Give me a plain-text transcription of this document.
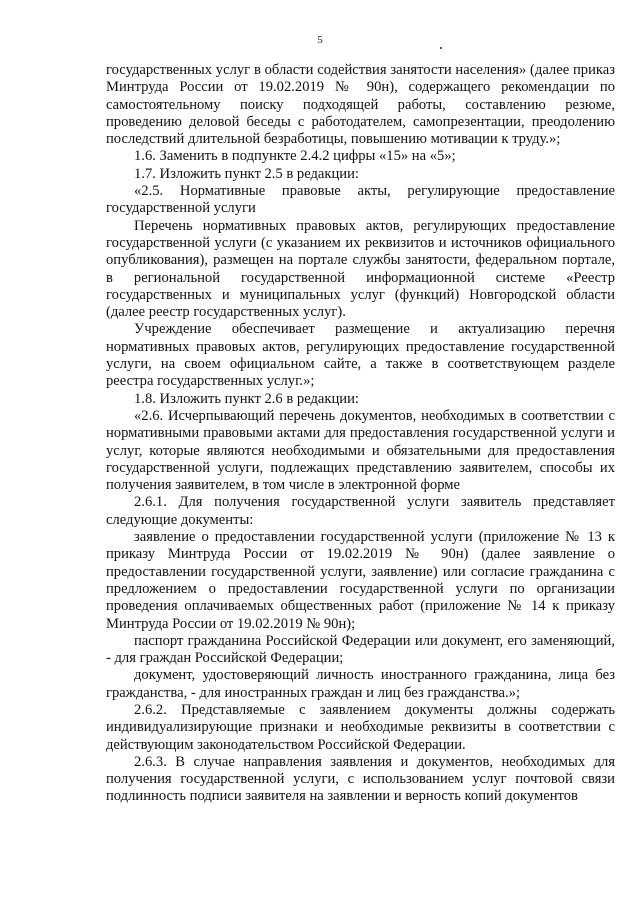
5

государственных услуг в области содействия занятости населения» (далее приказ Минтруда России от 19.02.2019 № 90н), содержащего рекомендации по самостоятельному поиску подходящей работы, составлению резюме, проведению деловой беседы с работодателем, самопрезентации, преодолению последствий длительной безработицы, повышению мотивации к труду.»;

1.6. Заменить в подпункте 2.4.2 цифры «15» на «5»;

1.7. Изложить пункт 2.5 в редакции:

«2.5. Нормативные правовые акты, регулирующие предоставление государственной услуги

Перечень нормативных правовых актов, регулирующих предоставление государственной услуги (с указанием их реквизитов и источников официального опубликования), размещен на портале службы занятости, федеральном портале, в региональной государственной информационной системе «Реестр государственных и муниципальных услуг (функций) Новгородской области (далее реестр государственных услуг).

Учреждение обеспечивает размещение и актуализацию перечня нормативных правовых актов, регулирующих предоставление государственной услуги, на своем официальном сайте, а также в соответствующем разделе реестра государственных услуг.»;

1.8. Изложить пункт 2.6 в редакции:

«2.6. Исчерпывающий перечень документов, необходимых в соответствии с нормативными правовыми актами для предоставления государственной услуги и услуг, которые являются необходимыми и обязательными для предоставления государственной услуги, подлежащих представлению заявителем, способы их получения заявителем, в том числе в электронной форме

2.6.1. Для получения государственной услуги заявитель представляет следующие документы:

заявление о предоставлении государственной услуги (приложение № 13 к приказу Минтруда России от 19.02.2019 № 90н) (далее заявление о предоставлении государственной услуги, заявление) или согласие гражданина с предложением о предоставлении государственной услуги по организации проведения оплачиваемых общественных работ (приложение № 14 к приказу Минтруда России от 19.02.2019 № 90н);

паспорт гражданина Российской Федерации или документ, его заменяющий, - для граждан Российской Федерации;

документ, удостоверяющий личность иностранного гражданина, лица без гражданства, - для иностранных граждан и лиц без гражданства.»;

2.6.2. Представляемые с заявлением документы должны содержать индивидуализирующие признаки и необходимые реквизиты в соответствии с действующим законодательством Российской Федерации.

2.6.3. В случае направления заявления и документов, необходимых для получения государственной услуги, с использованием услуг почтовой связи подлинность подписи заявителя на заявлении и верность копий документов
